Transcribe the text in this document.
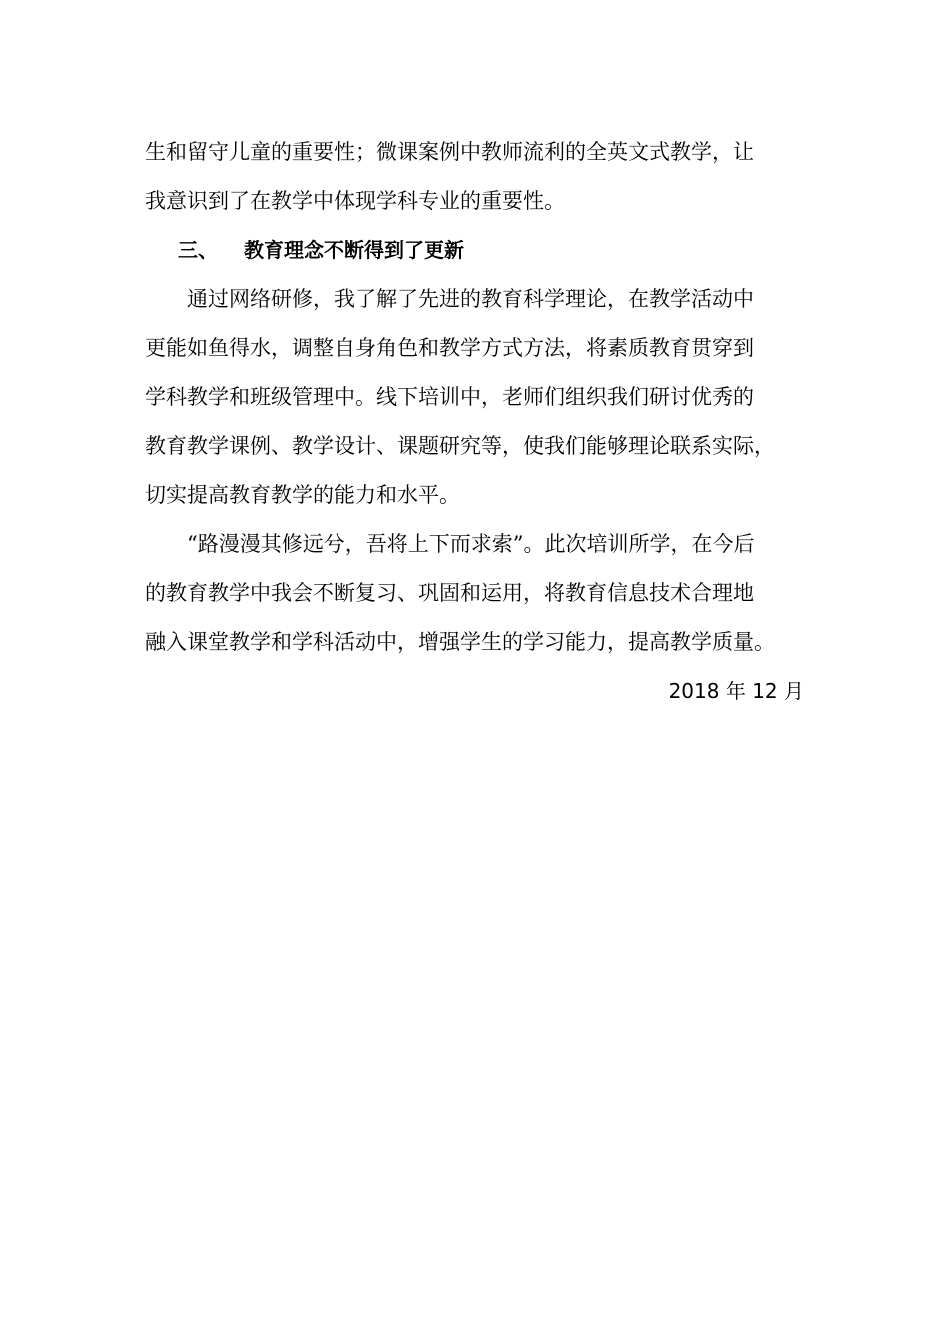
生和留守儿童的重要性；微课案例中教师流利的全英文式教学，让
我意识到了在教学中体现学科专业的重要性。
三、 教育理念不断得到了更新
通过网络研修，我了解了先进的教育科学理论，在教学活动中
更能如鱼得水，调整自身角色和教学方式方法，将素质教育贯穿到
学科教学和班级管理中。线下培训中，老师们组织我们研讨优秀的
教育教学课例、教学设计、课题研究等，使我们能够理论联系实际，
切实提高教育教学的能力和水平。
“路漫漫其修远兮，吾将上下而求索”。此次培训所学，在今后
的教育教学中我会不断复习、巩固和运用，将教育信息技术合理地
融入课堂教学和学科活动中，增强学生的学习能力，提高教学质量。
2018 年 12 月
